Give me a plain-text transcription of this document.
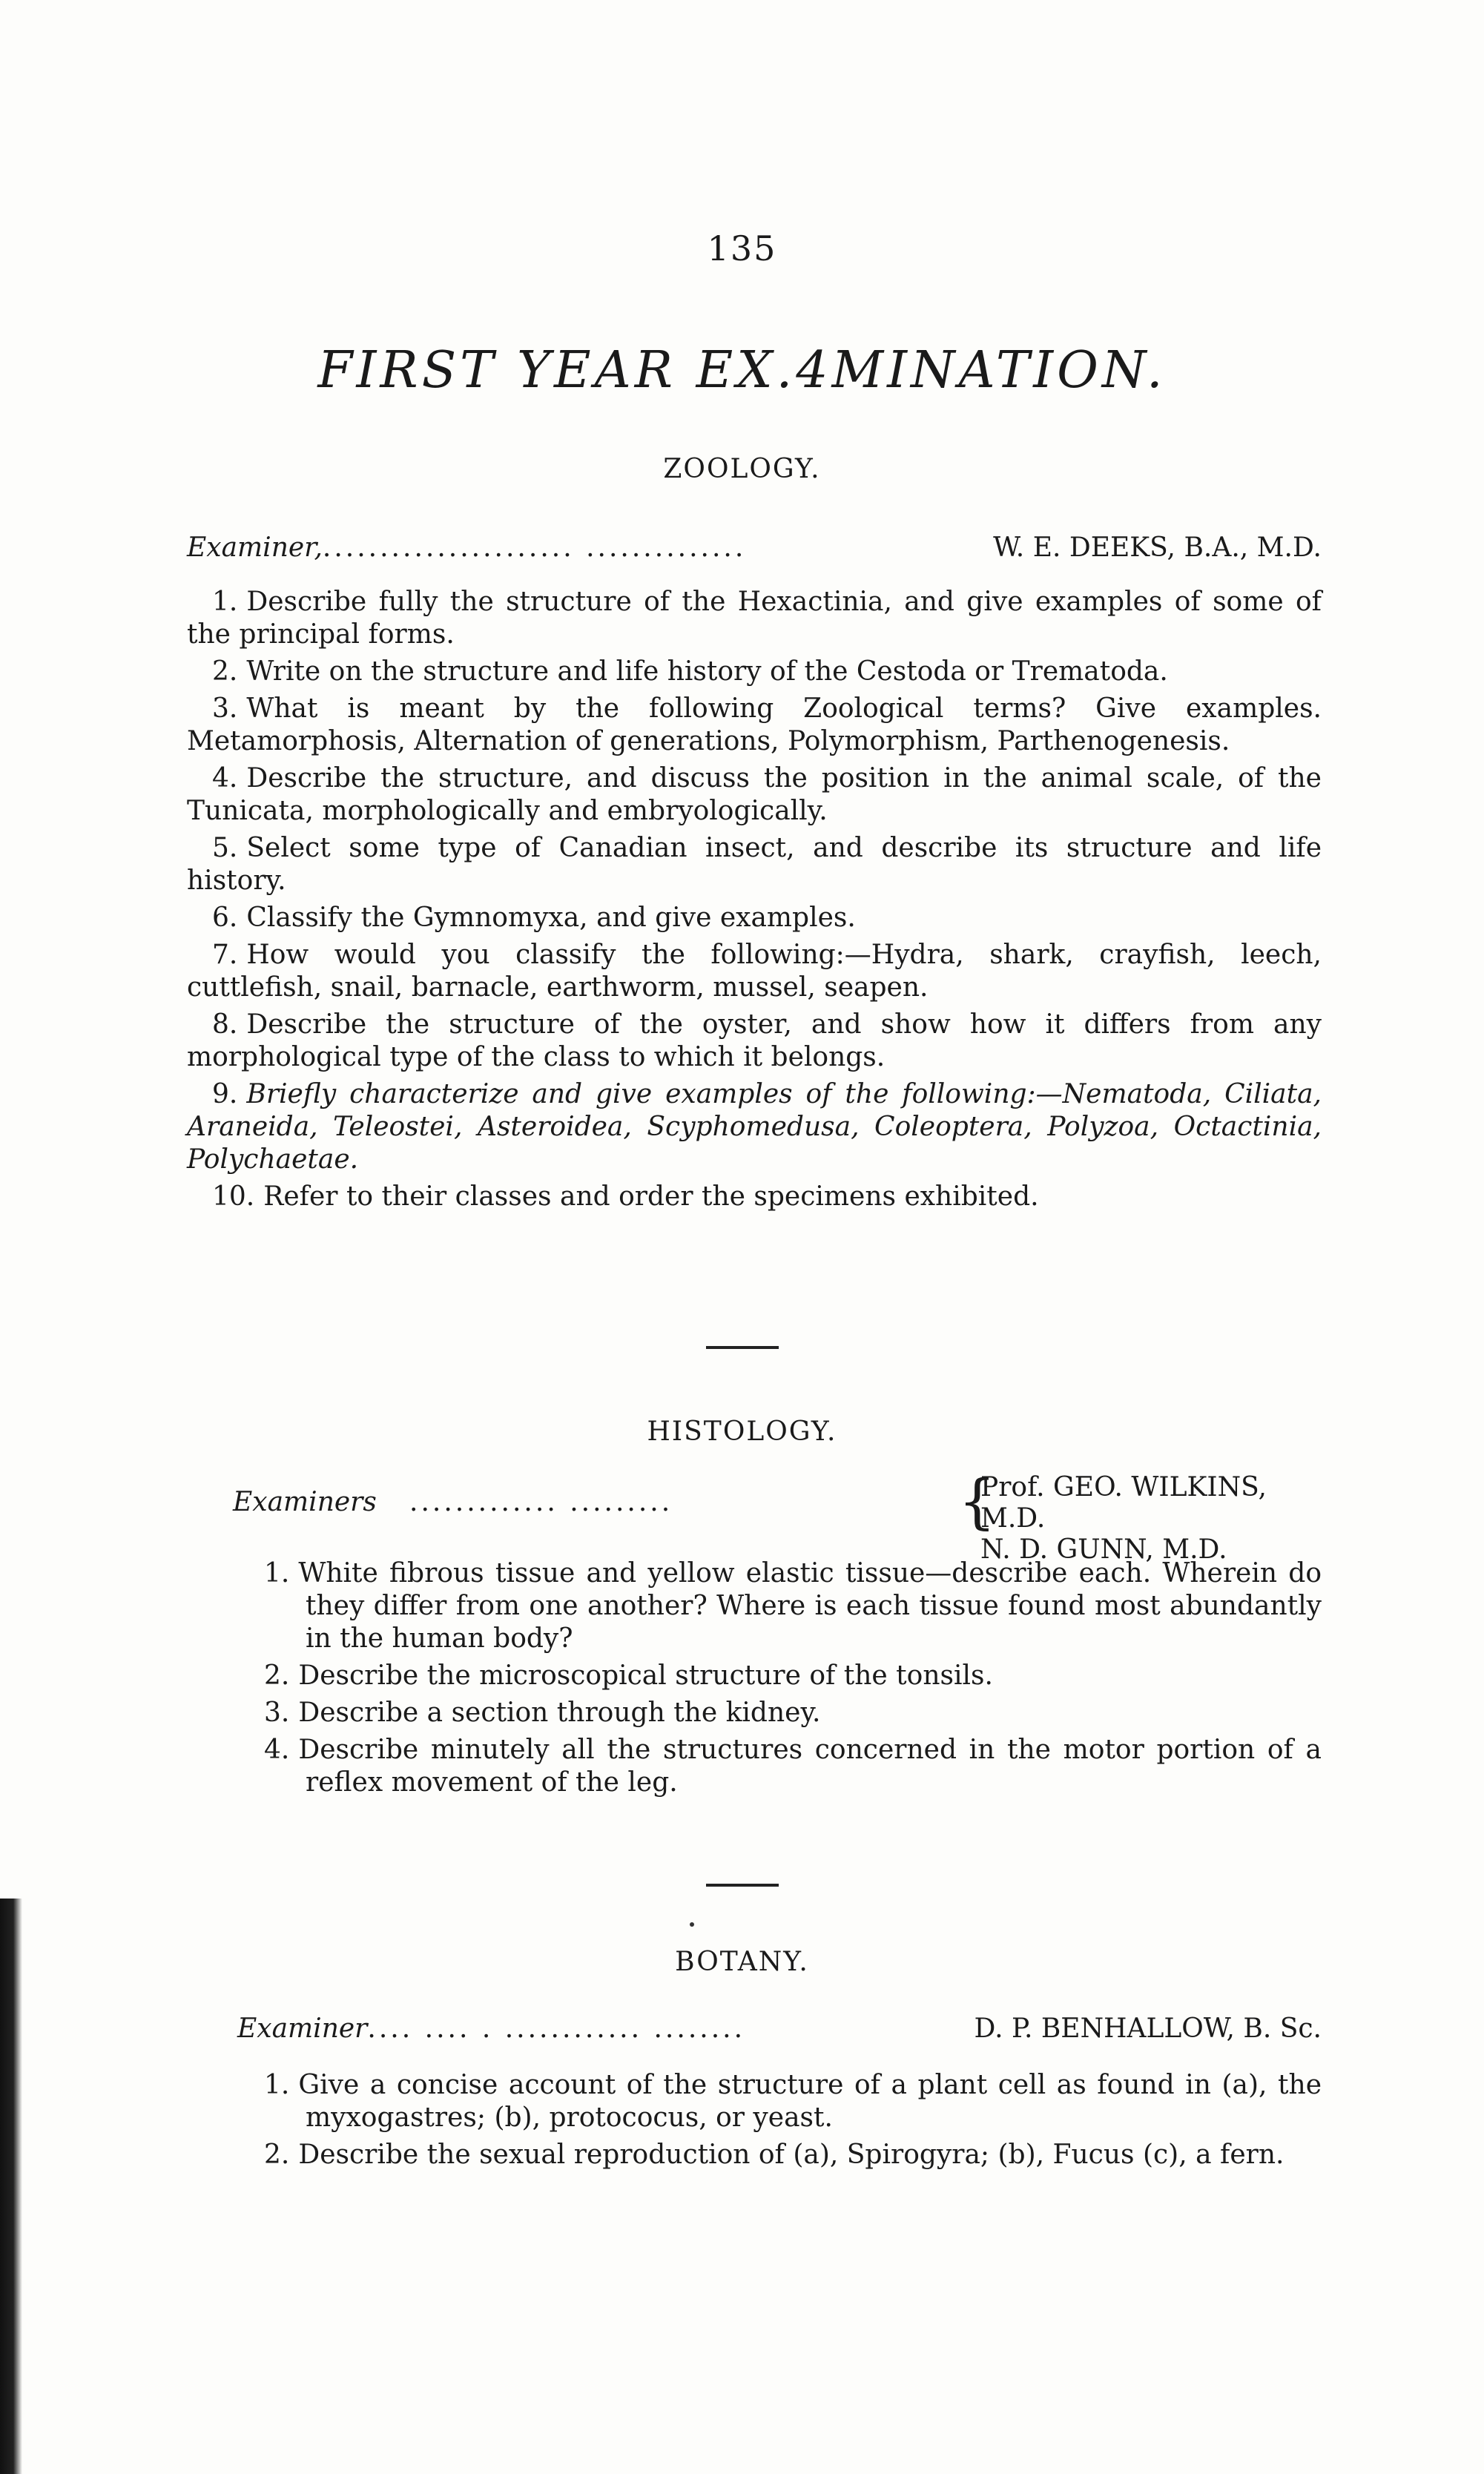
135
FIRST YEAR EX.4MINATION.
ZOOLOGY.
Examiner, ...................... ..............	W. E. DEEKS, B.A., M.D.

1. Describe fully the structure of the Hexactinia, and give examples of some of the principal forms.

2. Write on the structure and life history of the Cestoda or Trematoda.

3. What is meant by the following Zoological terms? Give examples. Metamorphosis, Alternation of generations, Polymorphism, Parthenogenesis.

4. Describe the structure, and discuss the position in the animal scale, of the Tunicata, morphologically and embryologically.

5. Select some type of Canadian insect, and describe its structure and life history.

6. Classify the Gymnomyxa, and give examples.

7. How would you classify the following:—Hydra, shark, crayfish, leech, cuttlefish, snail, barnacle, earthworm, mussel, seapen.

8. Describe the structure of the oyster, and show how it differs from any morphological type of the class to which it belongs.

9. Briefly characterize and give examples of the following:—Nematoda, Ciliata, Araneida, Teleostei, Asteroidea, Scyphomedusa, Coleoptera, Polyzoa, Octactinia, Polychaetae.

10. Refer to their classes and order the specimens exhibited.

HISTOLOGY.
Examiners ............. .........	{
Prof. GEO. WILKINS, M.D.
N. D. GUNN, M.D.

1. White fibrous tissue and yellow elastic tissue—describe each. Wherein do they differ from one another? Where is each tissue found most abundantly in the human body?

2. Describe the microscopical structure of the tonsils.

3. Describe a section through the kidney.

4. Describe minutely all the structures concerned in the motor portion of a reflex movement of the leg.

BOTANY.
Examiner .... .... . ............ ........	D. P. BENHALLOW, B. Sc.

1. Give a concise account of the structure of a plant cell as found in (a), the myxogastres; (b), protococus, or yeast.

2. Describe the sexual reproduction of (a), Spirogyra; (b), Fucus (c), a fern.
